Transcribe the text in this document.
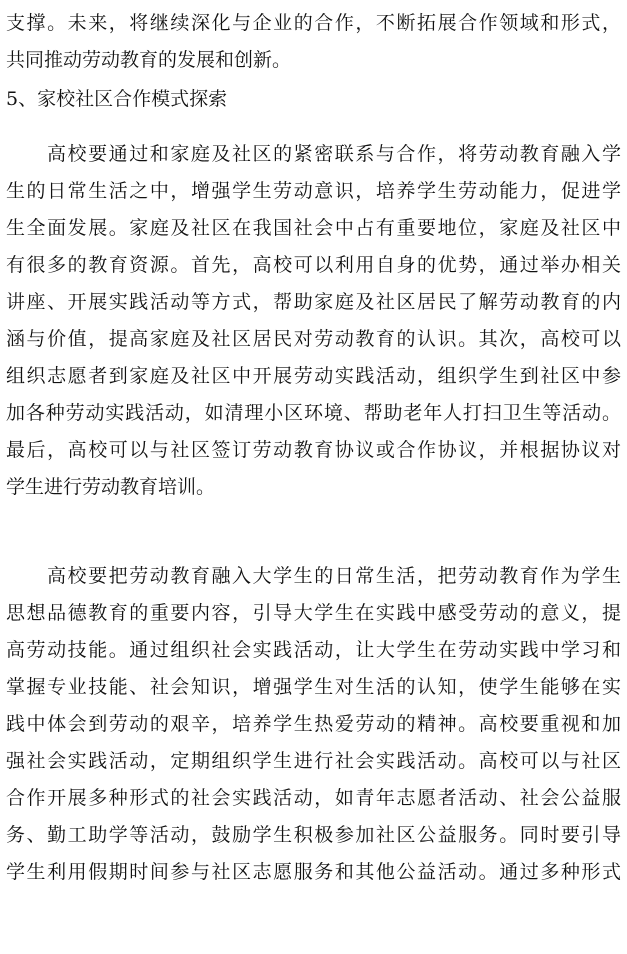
支撑。未来，将继续深化与企业的合作，不断拓展合作领域和形式，
共同推动劳动教育的发展和创新。
5、家校社区合作模式探索
高校要通过和家庭及社区的紧密联系与合作，将劳动教育融入学
生的日常生活之中，增强学生劳动意识，培养学生劳动能力，促进学
生全面发展。家庭及社区在我国社会中占有重要地位，家庭及社区中
有很多的教育资源。首先，高校可以利用自身的优势，通过举办相关
讲座、开展实践活动等方式，帮助家庭及社区居民了解劳动教育的内
涵与价值，提高家庭及社区居民对劳动教育的认识。其次，高校可以
组织志愿者到家庭及社区中开展劳动实践活动，组织学生到社区中参
加各种劳动实践活动，如清理小区环境、帮助老年人打扫卫生等活动。
最后，高校可以与社区签订劳动教育协议或合作协议，并根据协议对
学生进行劳动教育培训。
高校要把劳动教育融入大学生的日常生活，把劳动教育作为学生
思想品德教育的重要内容，引导大学生在实践中感受劳动的意义，提
高劳动技能。通过组织社会实践活动，让大学生在劳动实践中学习和
掌握专业技能、社会知识，增强学生对生活的认知，使学生能够在实
践中体会到劳动的艰辛，培养学生热爱劳动的精神。高校要重视和加
强社会实践活动，定期组织学生进行社会实践活动。高校可以与社区
合作开展多种形式的社会实践活动，如青年志愿者活动、社会公益服
务、勤工助学等活动，鼓励学生积极参加社区公益服务。同时要引导
学生利用假期时间参与社区志愿服务和其他公益活动。通过多种形式
